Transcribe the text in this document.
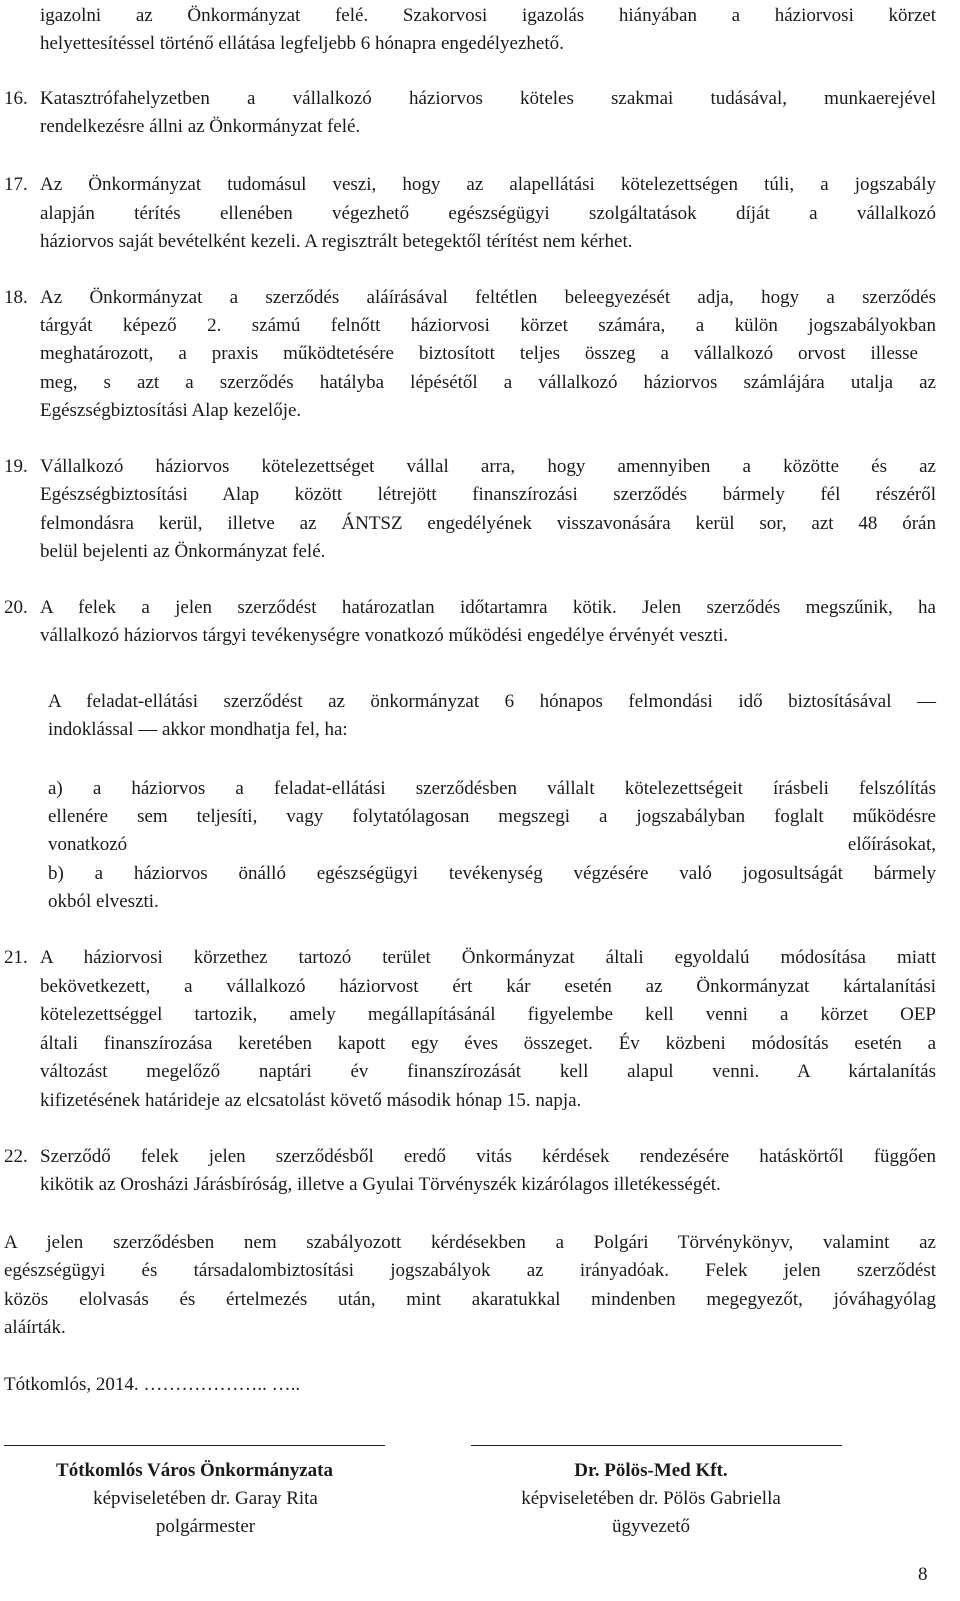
igazolni az Önkormányzat felé. Szakorvosi igazolás hiányában a háziorvosi körzet
helyettesítéssel történő ellátása legfeljebb 6 hónapra engedélyezhető.
16. Katasztrófahelyzetben a vállalkozó háziorvos köteles szakmai tudásával, munkaerejével
rendelkezésre állni az Önkormányzat felé.
17. Az Önkormányzat tudomásul veszi, hogy az alapellátási kötelezettségen túli, a jogszabály
alapján térítés ellenében végezhető egészségügyi szolgáltatások díját a vállalkozó
háziorvos saját bevételként kezeli. A regisztrált betegektől térítést nem kérhet.
18. Az Önkormányzat a szerződés aláírásával feltétlen beleegyezését adja, hogy a szerződés
tárgyát képező 2. számú felnőtt háziorvosi körzet számára, a külön jogszabályokban
meghatározott, a praxis működtetésére biztosított teljes összeg a vállalkozó orvost illesse
meg, s azt a szerződés hatályba lépésétől a vállalkozó háziorvos számlájára utalja az
Egészségbiztosítási Alap kezelője.
19. Vállalkozó háziorvos kötelezettséget vállal arra, hogy amennyiben a közötte és az
Egészségbiztosítási Alap között létrejött finanszírozási szerződés bármely fél részéről
felmondásra kerül, illetve az ÁNTSZ engedélyének visszavonására kerül sor, azt 48 órán
belül bejelenti az Önkormányzat felé.
20. A felek a jelen szerződést határozatlan időtartamra kötik. Jelen szerződés megszűnik, ha
vállalkozó háziorvos tárgyi tevékenységre vonatkozó működési engedélye érvényét veszti.
A feladat-ellátási szerződést az önkormányzat 6 hónapos felmondási idő biztosításával —
indoklással — akkor mondhatja fel, ha:
a) a háziorvos a feladat-ellátási szerződésben vállalt kötelezettségeit írásbeli felszólítás
ellenére sem teljesíti, vagy folytatólagosan megszegi a jogszabályban foglalt működésre
vonatkozó előírásokat,
b) a háziorvos önálló egészségügyi tevékenység végzésére való jogosultságát bármely
okból elveszti.
21. A háziorvosi körzethez tartozó terület Önkormányzat általi egyoldalú módosítása miatt
bekövetkezett, a vállalkozó háziorvost ért kár esetén az Önkormányzat kártalanítási
kötelezettséggel tartozik, amely megállapításánál figyelembe kell venni a körzet OEP
általi finanszírozása keretében kapott egy éves összeget. Év közbeni módosítás esetén a
változást megelőző naptári év finanszírozását kell alapul venni. A kártalanítás
kifizetésének határideje az elcsatolást követő második hónap 15. napja.
22. Szerződő felek jelen szerződésből eredő vitás kérdések rendezésére hatáskörtől függően
kikötik az Orosházi Járásbíróság, illetve a Gyulai Törvényszék kizárólagos illetékességét.
A jelen szerződésben nem szabályozott kérdésekben a Polgári Törvénykönyv, valamint az
egészségügyi és társadalombiztosítási jogszabályok az irányadóak. Felek jelen szerződést
közös elolvasás és értelmezés után, mint akaratukkal mindenben megegyezőt, jóváhagyólag
aláírták.
Tótkomlós, 2014. ……………….. …..
Tótkomlós Város Önkormányzata
képviseletében dr. Garay Rita
polgármester
Dr. Pölös-Med Kft.
képviseletében dr. Pölös Gabriella
ügyvezető
8
